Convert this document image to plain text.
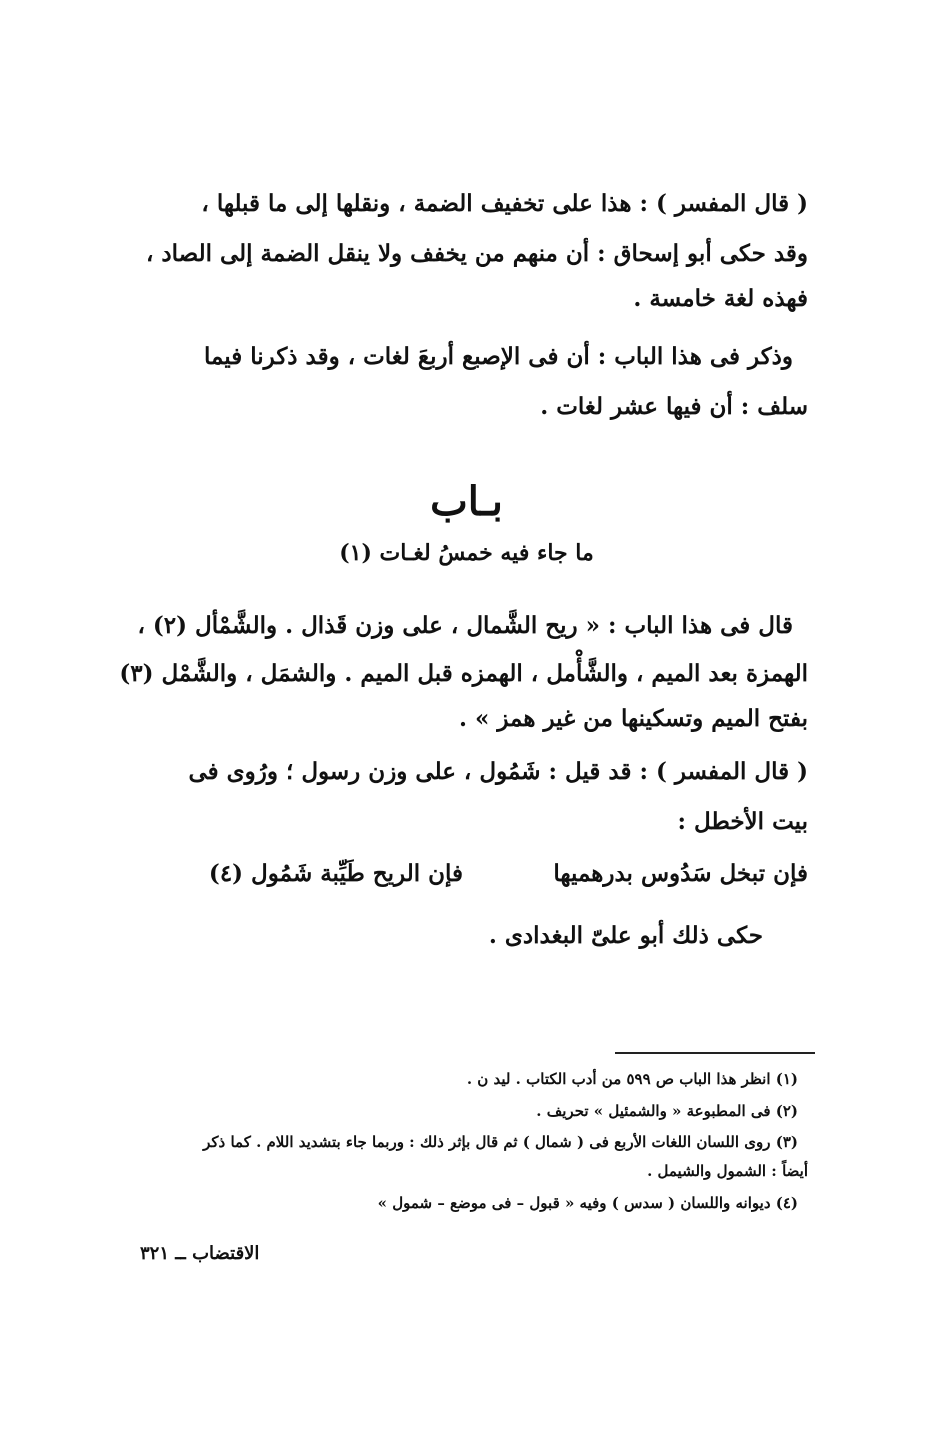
( قال المفسر ) : هذا على تخفيف الضمة ، ونقلها إلى ما قبلها ،
وقد حكى أبو إسحاق : أن منهم من يخفف ولا ينقل الضمة إلى الصاد ،
فهذه لغة خامسة .
وذكر فى هذا الباب : أن فى الإصبع أربعَ لغات ، وقد ذكرنا فيما
سلف : أن فيها عشر لغات .
بـاب
ما جاء فيه خمسُ لغـات (١)
قال فى هذا الباب : « ريح الشَّمال ، على وزن قَذال . والشَّمْأل (٢) ،
الهمزة بعد الميم ، والشَّأْمل ، الهمزه قبل الميم . والشمَل ، والشَّمْل (٣)
بفتح الميم وتسكينها من غير همز » .
( قال المفسر ) : قد قيل : شَمُول ، على وزن رسول ؛ ورُوى فى
بيت الأخطل :
فإن تبخل سَدُوس بدرهميها
فإن الريح طَيِّبة شَمُول (٤)
حكى ذلك أبو علىّ البغدادى .
(١) انظر هذا الباب ص ٥٩٩ من أدب الكتاب . ليد ن .
(٢) فى المطبوعة « والشمئيل » تحريف .
(٣) روى اللسان اللغات الأربع فى ( شمال ) ثم قال بإثر ذلك : وربما جاء بتشديد اللام . كما ذكر
أيضاً : الشمول والشيمل .
(٤) ديوانه واللسان ( سدس ) وفيه « قبول – فى موضع – شمول »
الاقتضاب ــ ٣٢١
